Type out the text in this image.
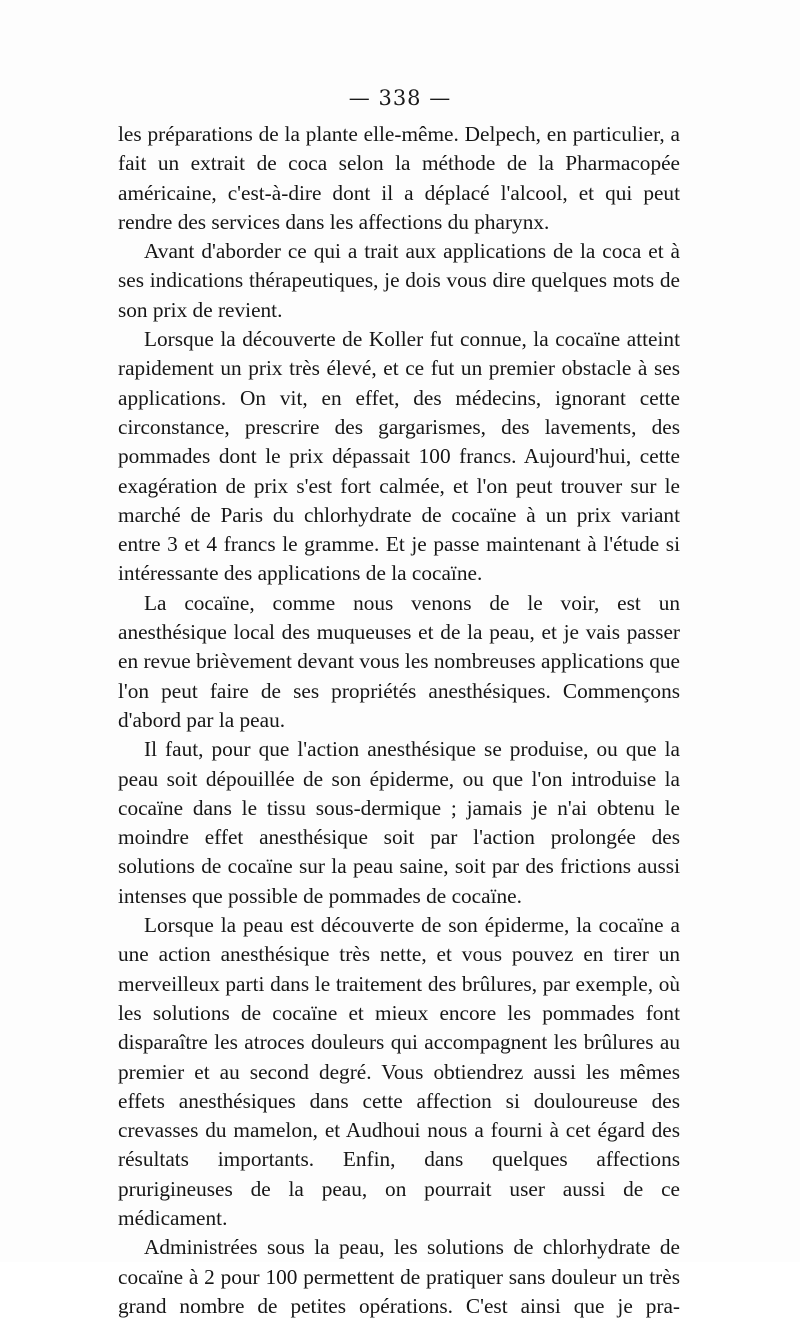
— 338 —

les préparations de la plante elle-même. Delpech, en particulier, a fait un extrait de coca selon la méthode de la Pharmacopée américaine, c'est-à-dire dont il a déplacé l'alcool, et qui peut rendre des services dans les affections du pharynx.

Avant d'aborder ce qui a trait aux applications de la coca et à ses indications thérapeutiques, je dois vous dire quelques mots de son prix de revient.

Lorsque la découverte de Koller fut connue, la cocaïne atteint rapidement un prix très élevé, et ce fut un premier obstacle à ses applications. On vit, en effet, des médecins, ignorant cette circonstance, prescrire des gargarismes, des lavements, des pommades dont le prix dépassait 100 francs. Aujourd'hui, cette exagération de prix s'est fort calmée, et l'on peut trouver sur le marché de Paris du chlorhydrate de cocaïne à un prix variant entre 3 et 4 francs le gramme. Et je passe maintenant à l'étude si intéressante des applications de la cocaïne.

La cocaïne, comme nous venons de le voir, est un anesthésique local des muqueuses et de la peau, et je vais passer en revue brièvement devant vous les nombreuses applications que l'on peut faire de ses propriétés anesthésiques. Commençons d'abord par la peau.

Il faut, pour que l'action anesthésique se produise, ou que la peau soit dépouillée de son épiderme, ou que l'on introduise la cocaïne dans le tissu sous-dermique ; jamais je n'ai obtenu le moindre effet anesthésique soit par l'action prolongée des solutions de cocaïne sur la peau saine, soit par des frictions aussi intenses que possible de pommades de cocaïne.

Lorsque la peau est découverte de son épiderme, la cocaïne a une action anesthésique très nette, et vous pouvez en tirer un merveilleux parti dans le traitement des brûlures, par exemple, où les solutions de cocaïne et mieux encore les pommades font disparaître les atroces douleurs qui accompagnent les brûlures au premier et au second degré. Vous obtiendrez aussi les mêmes effets anesthésiques dans cette affection si douloureuse des crevasses du mamelon, et Audhoui nous a fourni à cet égard des résultats importants. Enfin, dans quelques affections prurigineuses de la peau, on pourrait user aussi de ce médicament.

Administrées sous la peau, les solutions de chlorhydrate de cocaïne à 2 pour 100 permettent de pratiquer sans douleur un très grand nombre de petites opérations. C'est ainsi que je pra-
